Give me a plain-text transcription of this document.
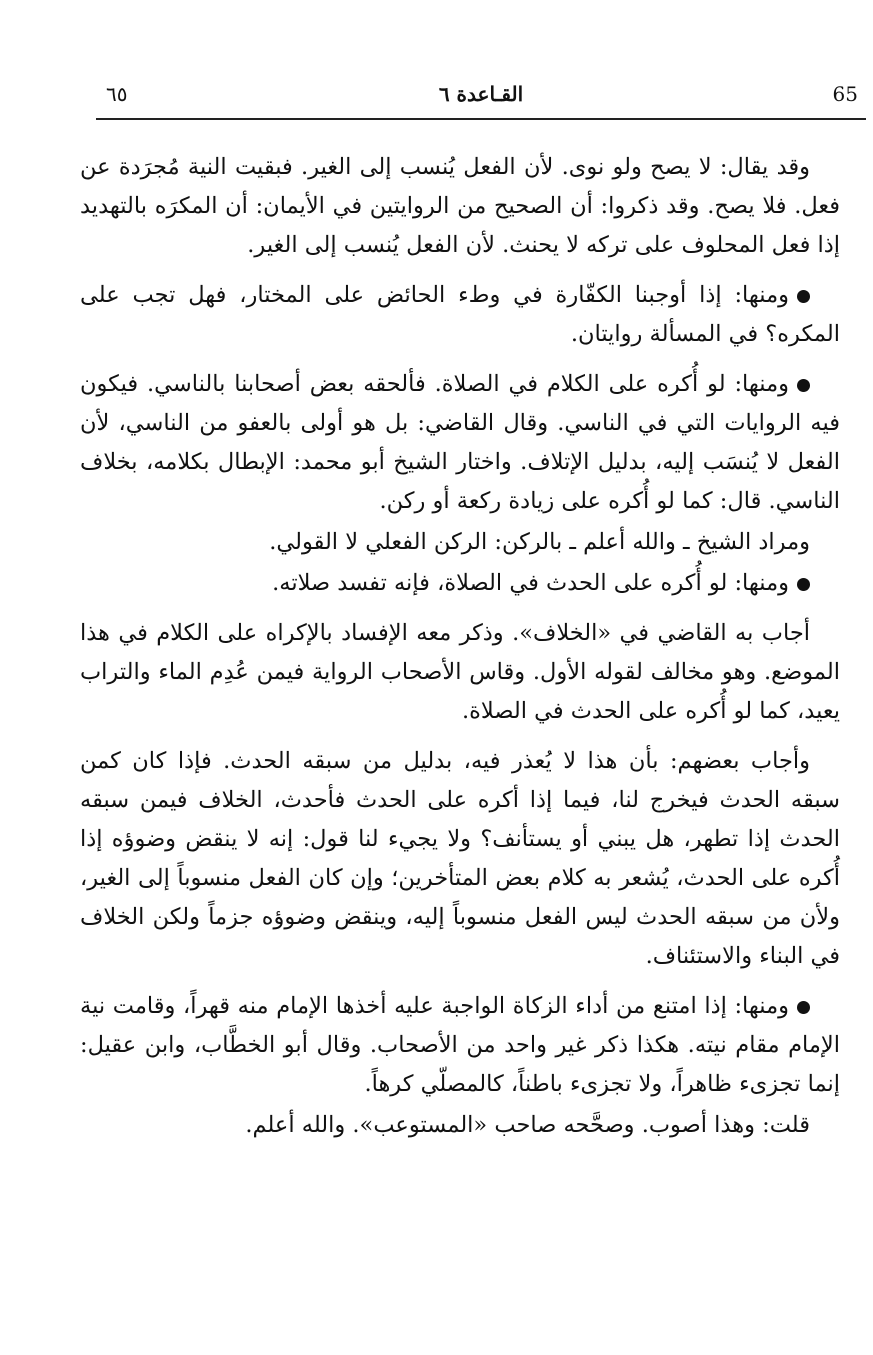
65
القـاعدة ٦
٦٥

وقد يقال: لا يصح ولو نوى. لأن الفعل يُنسب إلى الغير. فبقيت النية مُجرَدة عن فعل. فلا يصح. وقد ذكروا: أن الصحيح من الروايتين في الأيمان: أن المكرَه بالتهديد إذا فعل المحلوف على تركه لا يحنث. لأن الفعل يُنسب إلى الغير.

ومنها: إذا أوجبنا الكفّارة في وطء الحائض على المختار، فهل تجب على المكره؟ في المسألة روايتان.

ومنها: لو أُكره على الكلام في الصلاة. فألحقه بعض أصحابنا بالناسي. فيكون فيه الروايات التي في الناسي. وقال القاضي: بل هو أولى بالعفو من الناسي، لأن الفعل لا يُنسَب إليه، بدليل الإتلاف. واختار الشيخ أبو محمد: الإبطال بكلامه، بخلاف الناسي. قال: كما لو أُكره على زيادة ركعة أو ركن.

ومراد الشيخ ـ والله أعلم ـ بالركن: الركن الفعلي لا القولي.

ومنها: لو أُكره على الحدث في الصلاة، فإنه تفسد صلاته.

أجاب به القاضي في «الخلاف». وذكر معه الإفساد بالإكراه على الكلام في هذا الموضع. وهو مخالف لقوله الأول. وقاس الأصحاب الرواية فيمن عُدِم الماء والتراب يعيد، كما لو أُكره على الحدث في الصلاة.

وأجاب بعضهم: بأن هذا لا يُعذر فيه، بدليل من سبقه الحدث. فإذا كان كمن سبقه الحدث فيخرج لنا، فيما إذا أكره على الحدث فأحدث، الخلاف فيمن سبقه الحدث إذا تطهر، هل يبني أو يستأنف؟ ولا يجيء لنا قول: إنه لا ينقض وضوؤه إذا أُكره على الحدث، يُشعر به كلام بعض المتأخرين؛ وإن كان الفعل منسوباً إلى الغير، ولأن من سبقه الحدث ليس الفعل منسوباً إليه، وينقض وضوؤه جزماً ولكن الخلاف في البناء والاستئناف.

ومنها: إذا امتنع من أداء الزكاة الواجبة عليه أخذها الإمام منه قهراً، وقامت نية الإمام مقام نيته. هكذا ذكر غير واحد من الأصحاب. وقال أبو الخطَّاب، وابن عقيل: إنما تجزىء ظاهراً، ولا تجزىء باطناً، كالمصلّي كرهاً.

قلت: وهذا أصوب. وصحَّحه صاحب «المستوعب». والله أعلم.
